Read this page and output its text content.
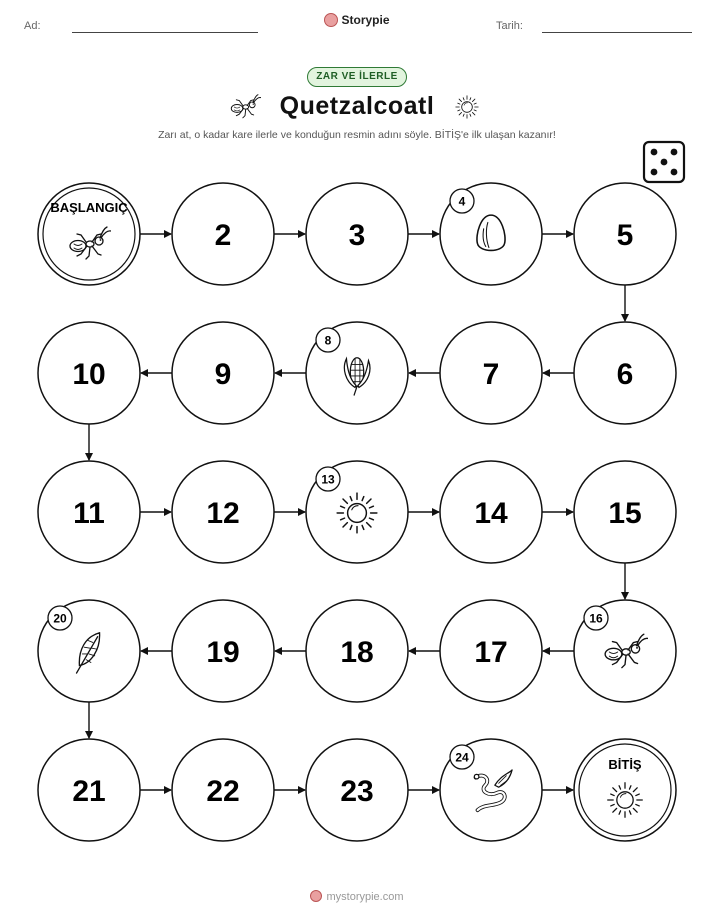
Ad:	Storypie	Tarih:
ZAR VE İLERLE
Quetzalcoatl
Zarı at, o kadar kare ilerle ve konduğun resmin adını söyle. BİTİŞ'e ilk ulaşan kazanır!
BAŞLANGIÇ
2	3
4
5
6
7
8
9
10
11	12
13
14	15
16
17
18
19
20
21	22	23
24	BİTİŞ
mystorypie.com
